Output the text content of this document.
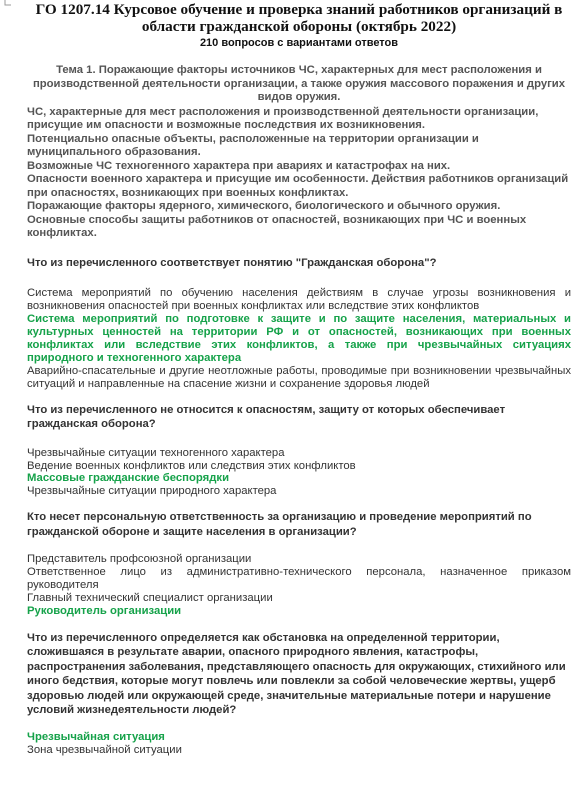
ГО 1207.14 Курсовое обучение и проверка знаний работников организаций в области гражданской обороны (октябрь 2022)

210 вопросов с вариантами ответов

Тема 1. Поражающие факторы источников ЧС, характерных для мест расположения и производственной деятельности организации, а также оружия массового поражения и других видов оружия.

ЧС, характерные для мест расположения и производственной деятельности организации, присущие им опасности и возможные последствия их возникновения.
Потенциально опасные объекты, расположенные на территории организации и муниципального образования.
Возможные ЧС техногенного характера при авариях и катастрофах на них.
Опасности военного характера и присущие им особенности. Действия работников организаций при опасностях, возникающих при военных конфликтах.
Поражающие факторы ядерного, химического, биологического и обычного оружия.
Основные способы защиты работников от опасностей, возникающих при ЧС и военных конфликтах.

Что из перечисленного соответствует понятию "Гражданская оборона"?

Система мероприятий по обучению населения действиям в случае угрозы возникновения и возникновения опасностей при военных конфликтах или вследствие этих конфликтов

Система мероприятий по подготовке к защите и по защите населения, материальных и культурных ценностей на территории РФ и от опасностей, возникающих при военных конфликтах или вследствие этих конфликтов, а также при чрезвычайных ситуациях природного и техногенного характера

Аварийно-спасательные и другие неотложные работы, проводимые при возникновении чрезвычайных ситуаций и направленные на спасение жизни и сохранение здоровья людей

Что из перечисленного не относится к опасностям, защиту от которых обеспечивает гражданская оборона?

Чрезвычайные ситуации техногенного характера

Ведение военных конфликтов или следствия этих конфликтов

Массовые гражданские беспорядки

Чрезвычайные ситуации природного характера

Кто несет персональную ответственность за организацию и проведение мероприятий по гражданской обороне и защите населения в организации?

Представитель профсоюзной организации

Ответственное лицо из административно-технического персонала, назначенное приказом руководителя

Главный технический специалист организации

Руководитель организации

Что из перечисленного определяется как обстановка на определенной территории, сложившаяся в результате аварии, опасного природного явления, катастрофы, распространения заболевания, представляющего опасность для окружающих, стихийного или иного бедствия, которые могут повлечь или повлекли за собой человеческие жертвы, ущерб здоровью людей или окружающей среде, значительные материальные потери и нарушение условий жизнедеятельности людей?

Чрезвычайная ситуация

Зона чрезвычайной ситуации
